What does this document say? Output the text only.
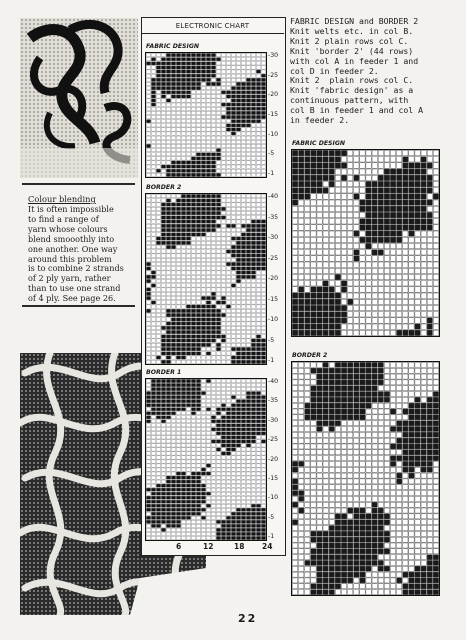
Colour blending
It is often impossible
to find a range of
yarn whose colours
blend smooothly into
one another. One way
around this problem
is to combine 2 strands
of 2 ply yarn, rather
than to use one strand
of 4 ply. See page 26.
ELECTRONIC CHART
FABRIC DESIGN
-30
-25
-20
-15
-10
-5
-1
BORDER 2
-40
-35
-30
-25
-20
-15
-10
-5
-1
BORDER 1
-40
-35
-30
-25
-20
-15
-10
-5
-1
6	12	18 24
FABRIC DESIGN and BORDER 2
Knit welts etc. in col B.
Knit 2 plain rows col C.
Knit 'border 2' (44 rows)
with col A in feeder 1 and
col D in feeder 2.
Knit 2  plain rows col C.
Knit 'fabric design' as a
continuous pattern, with
col B in feeder 1 and col A
in feeder 2.
FABRIC DESIGN
BORDER 2
22
